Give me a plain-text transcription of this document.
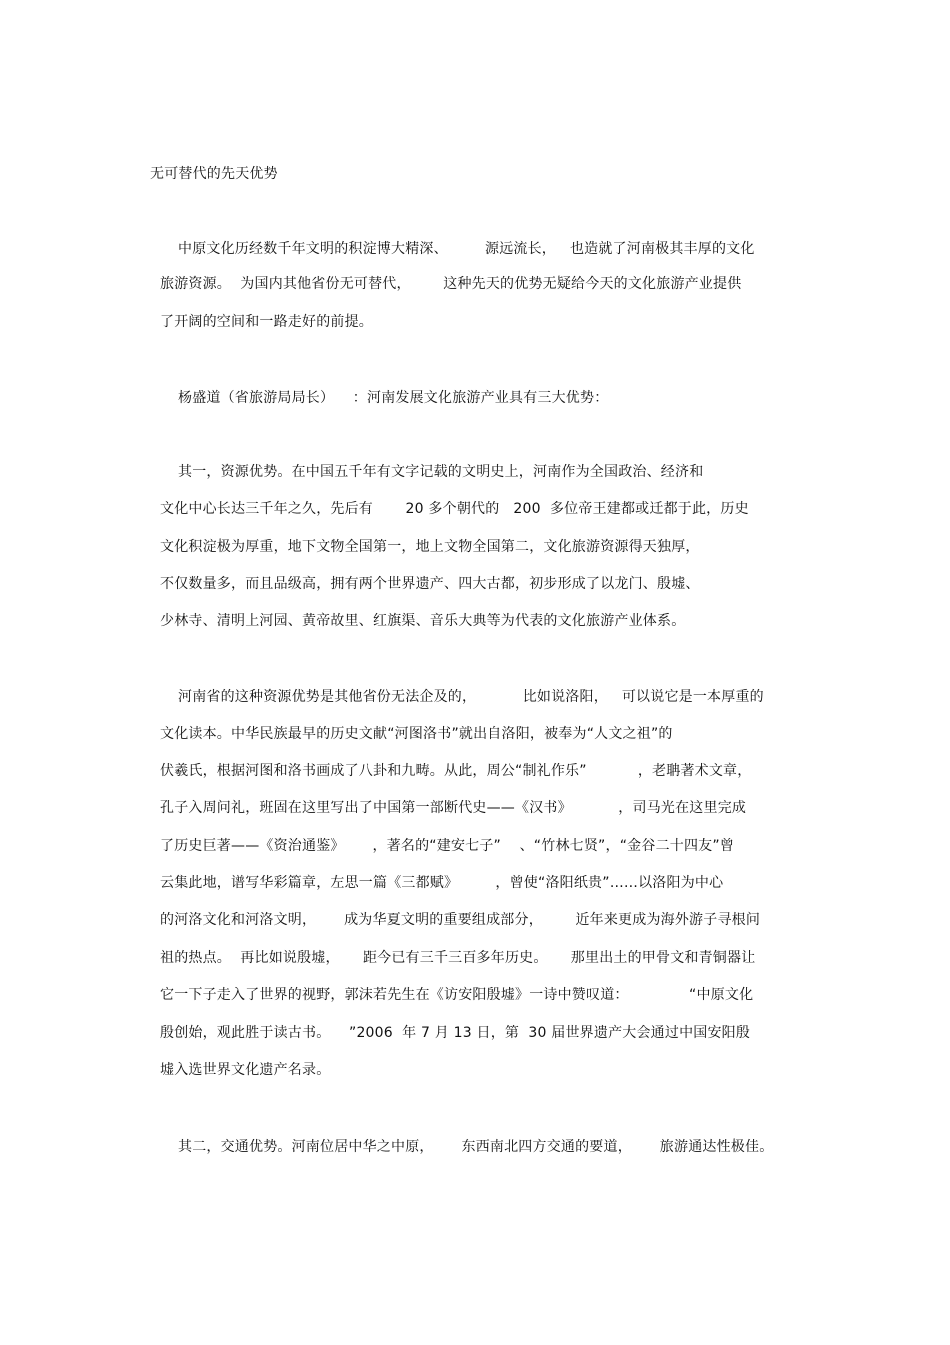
无可替代的先天优势
中原文化历经数千年文明的积淀博大精深、        源远流长，   也造就了河南极其丰厚的文化
旅游资源。  为国内其他省份无可替代，       这种先天的优势无疑给今天的文化旅游产业提供
了开阔的空间和一路走好的前提。
杨盛道（省旅游局局长）    ：河南发展文化旅游产业具有三大优势：
其一，资源优势。在中国五千年有文字记载的文明史上，河南作为全国政治、经济和
文化中心长达三千年之久，先后有       20 多个朝代的   200  多位帝王建都或迁都于此，历史
文化积淀极为厚重，地下文物全国第一，地上文物全国第二，文化旅游资源得天独厚，
不仅数量多，而且品级高，拥有两个世界遗产、四大古都，初步形成了以龙门、殷墟、
少林寺、清明上河园、黄帝故里、红旗渠、音乐大典等为代表的文化旅游产业体系。
河南省的这种资源优势是其他省份无法企及的，          比如说洛阳，   可以说它是一本厚重的
文化读本。中华民族最早的历史文献“河图洛书”就出自洛阳，被奉为“人文之祖”的
伏羲氏，根据河图和洛书画成了八卦和九畴。从此，周公“制礼作乐”           ，老聃著术文章，
孔子入周问礼，班固在这里写出了中国第一部断代史——《汉书》          ，司马光在这里完成
了历史巨著——《资治通鉴》      ，著名的“建安七子”    、“竹林七贤”，“金谷二十四友”曾
云集此地，谱写华彩篇章，左思一篇《三都赋》        ，曾使“洛阳纸贵”……以洛阳为中心
的河洛文化和河洛文明，      成为华夏文明的重要组成部分，       近年来更成为海外游子寻根问
祖的热点。  再比如说殷墟，     距今已有三千三百多年历史。     那里出土的甲骨文和青铜器让
它一下子走入了世界的视野，郭沫若先生在《访安阳殷墟》一诗中赞叹道：             “中原文化
殷创始，观此胜于读古书。    ”2006  年 7 月 13 日，第  30 届世界遗产大会通过中国安阳殷
墟入选世界文化遗产名录。
其二，交通优势。河南位居中华之中原，      东西南北四方交通的要道，      旅游通达性极佳。
